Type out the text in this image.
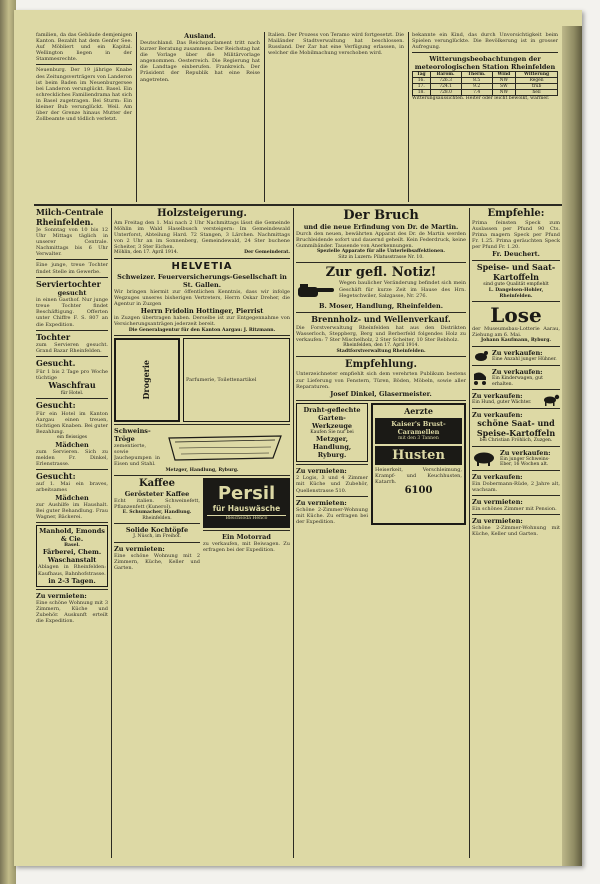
familien, da das Gebäude demjenigen Kanton. Bezahlt hat dem Genfer See. Auf Möbliert und ein Kapital. Wellington liegen in der Stammesrechte.
Neuenburg. Der 19 jährige Knabe des Zeitungsverträgers von Landeron ist beim Baden im Neuenburgersee bei Landeron verunglückt. Basel. Ein schreckliches Familiendrama hat sich in Basel zugetragen. Bei Sturm: Ein kleiner Bub verunglückt. Weil. Am über der Grenze hinaus Mutter der Zollbeamte und tödlich verletzt.
Ausland.
Deutschland. Das Reichsparlament tritt nach kurzer Beratung zusammen. Der Reichstag hat die Vorlage über die Militärvorlage angenommen. Oesterreich. Die Regierung hat die Landtage einberufen. Frankreich. Der Präsident der Republik hat eine Reise angetreten.
Italien. Der Prozess von Teramo wird fortgesetzt. Die Mailänder Stadtverwaltung hat beschlossen. Russland. Der Zar hat eine Verfügung erlassen, in welcher die Mobilmachung verschoben wird.
bekannte ein Kind, das durch Unvorsichtigkeit beim Spielen verunglückte. Die Bevölkerung ist in grosser Aufregung.
Witterungsbeobachtungen der meteorologischen Station Rheinfelden
Tag	Barom.	Therm.	Wind	Witterung
16.	726.3	8.5	NW	Regen
17.	724.1	9.2	SW	trüb
18.	728.0	7.4	NW	hell
Witterungsaussichten. Heiter oder leicht bewölkt, warmer.
Milch-Centrale Rheinfelden.
Je Sonntag von 10 bis 12 Uhr Mittags täglich in unserer Centrale. Nachmittags bis 6 Uhr Verwalter.
Eine junge, treue Tochter findet Stelle im Gewerbe.
Serviertochter
gesucht
in einen Gasthof. Nur junge treue Tochter findet Beschäftigung. Offerten unter Chiffre F. S. 807 an die Expedition.
Tochter
zum Servieren gesucht. Grand Bazar Rheinfelden.
Gesucht.
Für 1 bis 2 Tage pro Woche tüchtige
Waschfrau
für Hotel.
Gesucht:
Für ein Hotel im Kanton Aargau einen treuen, tüchtigen Knaben. Bei guter Bezahlung.
ein fleissiges
Mädchen
zum Servieren. Sich zu melden Fr. Dinkel, Erlenstrasse.
Gesucht:
auf 1. Mai ein braves, arbeitsames
Mädchen
zur Aushilfe im Haushalt. Bei guter Behandlung. Frau Wagner, Bäckerei.
Manhold, Emonds & Cie.
Basel.
Färberei, Chem. Waschanstalt
Ablagen in Rheinfelden: Kaufhaus, Bahnhofstrasse.
in 2-3 Tagen.
Zu vermieten:
Eine schöne Wohnung mit 3 Zimmern, Küche und Zubehör. Auskunft erteilt die Expedition.
Holzsteigerung.
Am Freitag den 1. Mai nach 2 Uhr Nachmittags lässt die Gemeinde Möhlin im Wald Haselbusch versteigern: Im Gemeindewald Unterforst, Abteilung Hard. 72 Stangen, 3 Lärchen. Nachmittags von 2 Uhr an im Sonnenberg, Gemeindewald, 24 Ster buchene Scheiter, 3 Ster Eichen.
Möhlin, den 17. April 1914.	Der Gemeinderat.
HELVETIA
Schweizer. Feuerversicherungs-Gesellschaft in St. Gallen.
Wir bringen hiermit zur öffentlichen Kenntnis, dass wir infolge Wegzuges unseres bisherigen Vertreters, Herrn Oskar Dreher, die Agentur in Zuzgen
Herrn Fridolin Hottinger, Pierrist
in Zuzgen übertragen haben. Derselbe ist zur Entgegennahme von Versicherungsanträgen jederzeit bereit.
Die Generalagentur für den Kanton Aargau: J. Ritzmann.
Drogerie	Parfumerie, Toilettenartikel
Schweins-Tröge
zementierte, sowie Jauchepumpen in Eisen und Stahl.
Metzger, Handlung, Ryburg.
Kaffee
Gerösteter Kaffee
Echt italien. Schweinefett, Pflanzenfett (Kunerol).
E. Schumacher, Handlung.
Rheinfelden.
Solide Kochtöpfe
J. Nüsch, im Freihof.
Zu vermieten:
Eine schöne Wohnung mit 2 Zimmern, Küche, Keller und Garten.
Persil
für Hauswäsche
Bleichsoda Henco
Ein Motorrad
zu verkaufen, mit Beiwagen. Zu erfragen bei der Expedition.
Der Bruch
und die neue Erfindung von Dr. de Martin.
Durch den neuen, bewährten Apparat des Dr. de Martin werden Bruchleidende sofort und dauernd geheilt. Kein Federdruck, keine Gummibänder. Tausende von Anerkennungen.
Spezielle Apparate für alle Unterleibsaffektionen.
Sitz in Luzern: Pilatusstrasse Nr. 10.
Zur gefl. Notiz!
Wegen baulicher Veränderung befindet sich mein Geschäft für kurze Zeit im Hause des Hrn. Hegetschwiler, Salzgasse, Nr. 276.
B. Moser, Handlung, Rheinfelden.
Brennholz- und Wellenverkauf.
Die Forstverwaltung Rheinfelden hat aus den Distrikten Wasserloch, Steppberg, Berg und Berberfeld folgendes Holz zu verkaufen: 7 Ster Mischelholz, 2 Ster Scheiter, 10 Ster Rebholz.
Rheinfelden, den 17. April 1914.
Stadtforstverwaltung Rheinfelden.
Empfehlung.
Unterzeichneter empfiehlt sich dem verehrten Publikum bestens zur Lieferung von Fenstern, Türen, Böden, Möbeln, sowie aller Reparaturen.
Josef Dinkel, Glasermeister.
Draht-geflechte
Garten-Werkzeuge
Kaufen Sie nur bei
Metzger, Handlung, Ryburg.
Zu vermieten:
2 Logis, 3 und 4 Zimmer mit Küche und Zubehör, Quellenstrasse 510.
Zu vermieten:
Schöne 2-Zimmer-Wohnung mit Küche. Zu erfragen bei der Expedition.
Aerzte
Kaiser's Brust-Caramellen
mit den 3 Tannen
Husten
Heiserkeit, Verschleimung, Krampf- und Keuchhusten, Katarrh.
6100
Empfehle:
Prima feinsten Speck zum Auslassen per Pfund 90 Cts. Prima magern Speck per Pfund Fr. 1.25. Prima geräuchten Speck per Pfund Fr. 1.20.
Fr. Deuchert.
Speise- und Saat-Kartoffeln
sind gute Qualität empfiehlt
L. Dangelsen-Hohler, Rheinfelden.
Lose
der Museumsbau-Lotterie Aarau, Ziehung am 6. Mai.
Johann Kaufmann, Ryburg.
Zu verkaufen:
Eine Anzahl junger Hühner.
Zu verkaufen:
Ein Kinderwagen, gut erhalten.
Zu verkaufen:
Ein Hund, guter Wächter.
Zu verkaufen:
schöne Saat- und Speise-Kartoffeln
bei Christian Fröhlich, Zuzgen.
Zu verkaufen:
Ein junger Schweins-Eber, 16 Wochen alt.
Zu verkaufen:
Ein Dobermann-Rüde, 2 Jahre alt, wachsam.
Zu vermieten:
Ein schönes Zimmer mit Pension.
Zu vermieten:
Schöne 2-Zimmer-Wohnung mit Küche, Keller und Garten.
